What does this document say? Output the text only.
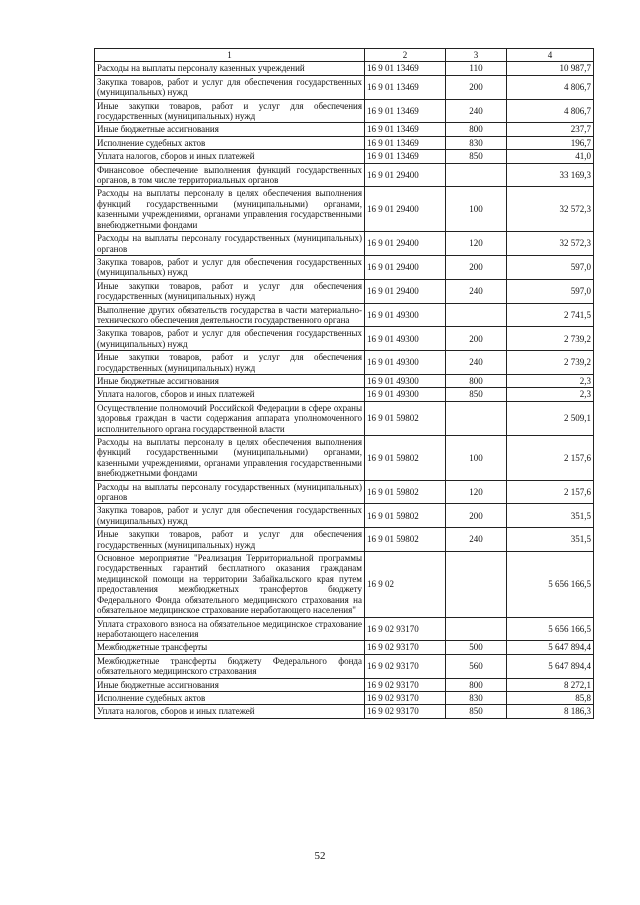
1	2	3	4
Расходы на выплаты персоналу казенных учреждений	16 9 01 13469	110	10 987,7
Закупка товаров, работ и услуг для обеспечения государственных (муниципальных) нужд	16 9 01 13469	200	4 806,7
Иные закупки товаров, работ и услуг для обеспечения государственных (муниципальных) нужд	16 9 01 13469	240	4 806,7
Иные бюджетные ассигнования	16 9 01 13469	800	237,7
Исполнение судебных актов	16 9 01 13469	830	196,7
Уплата налогов, сборов и иных платежей	16 9 01 13469	850	41,0
Финансовое обеспечение выполнения функций государственных органов, в том числе территориальных органов	16 9 01 29400		33 169,3
Расходы на выплаты персоналу в целях обеспечения выполнения функций государственными (муниципальными) органами, казенными учреждениями, органами управления государственными внебюджетными фондами	16 9 01 29400	100	32 572,3
Расходы на выплаты персоналу государственных (муниципальных) органов	16 9 01 29400	120	32 572,3
Закупка товаров, работ и услуг для обеспечения государственных (муниципальных) нужд	16 9 01 29400	200	597,0
Иные закупки товаров, работ и услуг для обеспечения государственных (муниципальных) нужд	16 9 01 29400	240	597,0
Выполнение других обязательств государства в части материально-технического обеспечения деятельности государственного органа	16 9 01 49300		2 741,5
Закупка товаров, работ и услуг для обеспечения государственных (муниципальных) нужд	16 9 01 49300	200	2 739,2
Иные закупки товаров, работ и услуг для обеспечения государственных (муниципальных) нужд	16 9 01 49300	240	2 739,2
Иные бюджетные ассигнования	16 9 01 49300	800	2,3
Уплата налогов, сборов и иных платежей	16 9 01 49300	850	2,3
Осуществление полномочий Российской Федерации в сфере охраны здоровья граждан в части содержания аппарата уполномоченного исполнительного органа государственной власти	16 9 01 59802		2 509,1
Расходы на выплаты персоналу в целях обеспечения выполнения функций государственными (муниципальными) органами, казенными учреждениями, органами управления государственными внебюджетными фондами	16 9 01 59802	100	2 157,6
Расходы на выплаты персоналу государственных (муниципальных) органов	16 9 01 59802	120	2 157,6
Закупка товаров, работ и услуг для обеспечения государственных (муниципальных) нужд	16 9 01 59802	200	351,5
Иные закупки товаров, работ и услуг для обеспечения государственных (муниципальных) нужд	16 9 01 59802	240	351,5
Основное мероприятие "Реализация Территориальной программы государственных гарантий бесплатного оказания гражданам медицинской помощи на территории Забайкальского края путем предоставления межбюджетных трансфертов бюджету Федерального Фонда обязательного медицинского страхования на обязательное медицинское страхование неработающего населения"	16 9 02		5 656 166,5
Уплата страхового взноса на обязательное медицинское страхование неработающего населения	16 9 02 93170		5 656 166,5
Межбюджетные трансферты	16 9 02 93170	500	5 647 894,4
Межбюджетные трансферты бюджету Федерального фонда обязательного медицинского страхования	16 9 02 93170	560	5 647 894,4
Иные бюджетные ассигнования	16 9 02 93170	800	8 272,1
Исполнение судебных актов	16 9 02 93170	830	85,8
Уплата налогов, сборов и иных платежей	16 9 02 93170	850	8 186,3
52
